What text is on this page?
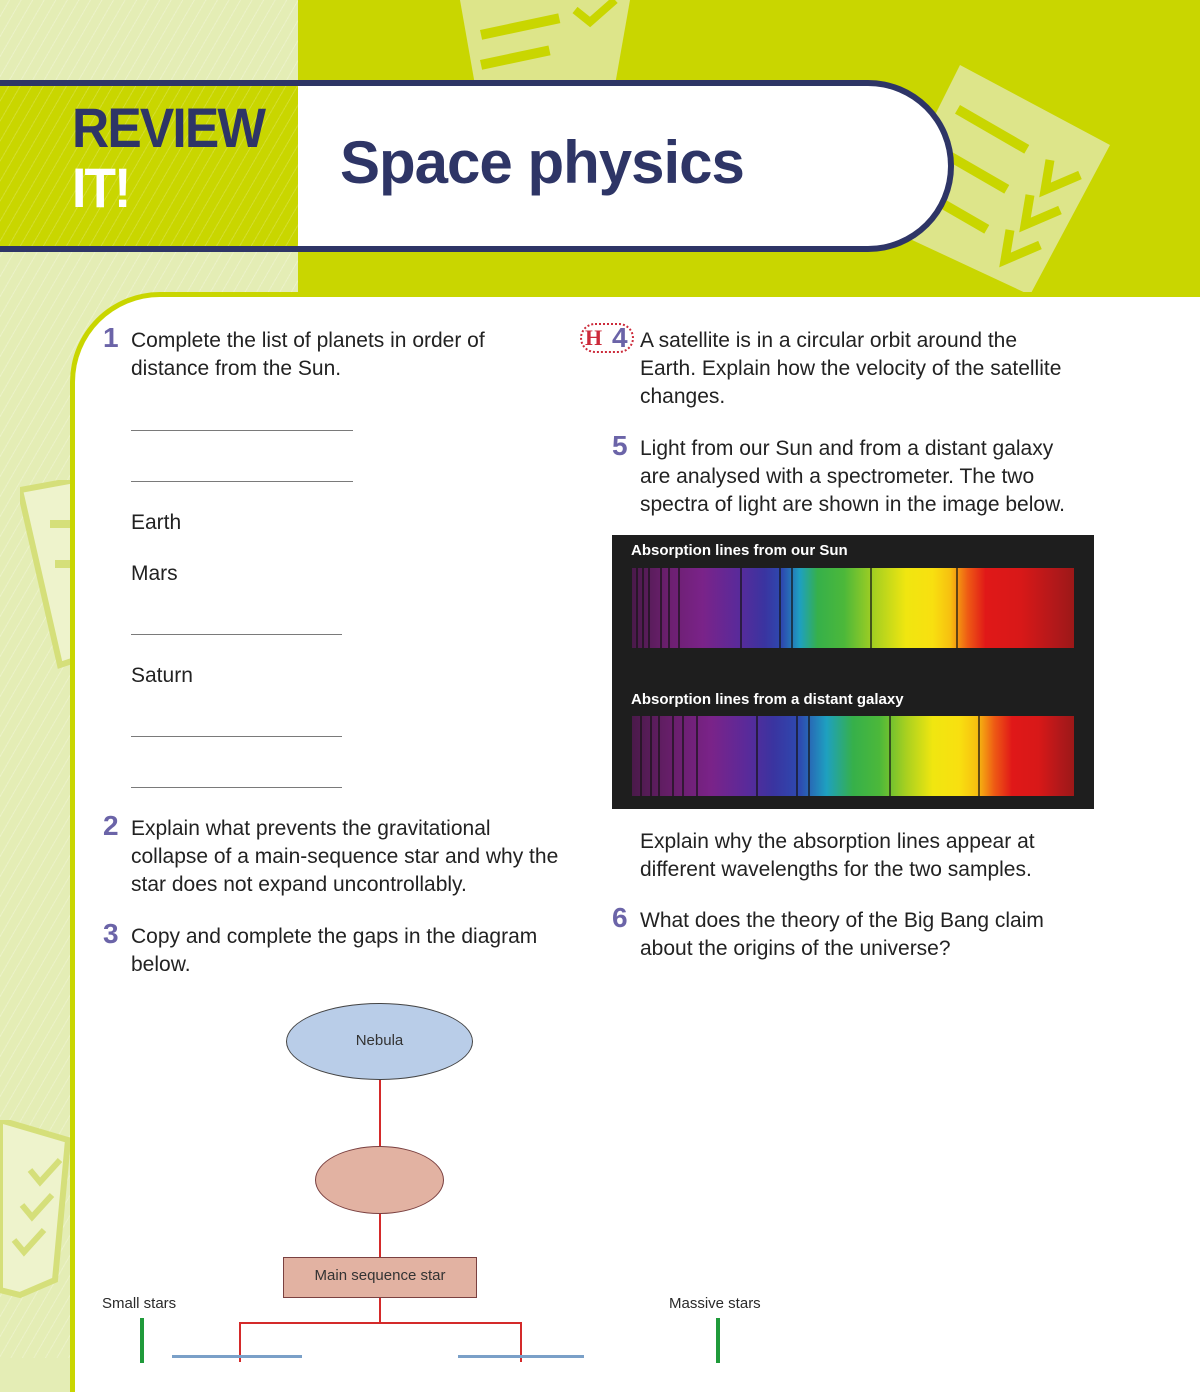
REVIEW
IT!	Space physics
1 Complete the list of planets in order of
distance from the Sun.
Earth
Mars
Saturn
2 Explain what prevents the gravitational
collapse of a main-sequence star and why the
star does not expand uncontrollably.
3 Copy and complete the gaps in the diagram
below.
H 4 A satellite is in a circular orbit around the
Earth. Explain how the velocity of the satellite
changes.
5 Light from our Sun and from a distant galaxy
are analysed with a spectrometer. The two
spectra of light are shown in the image below.
Absorption lines from our Sun
Absorption lines from a distant galaxy
Explain why the absorption lines appear at
different wavelengths for the two samples.
6 What does the theory of the Big Bang claim
about the origins of the universe?
Nebula
Main sequence star
Small stars	Massive stars
